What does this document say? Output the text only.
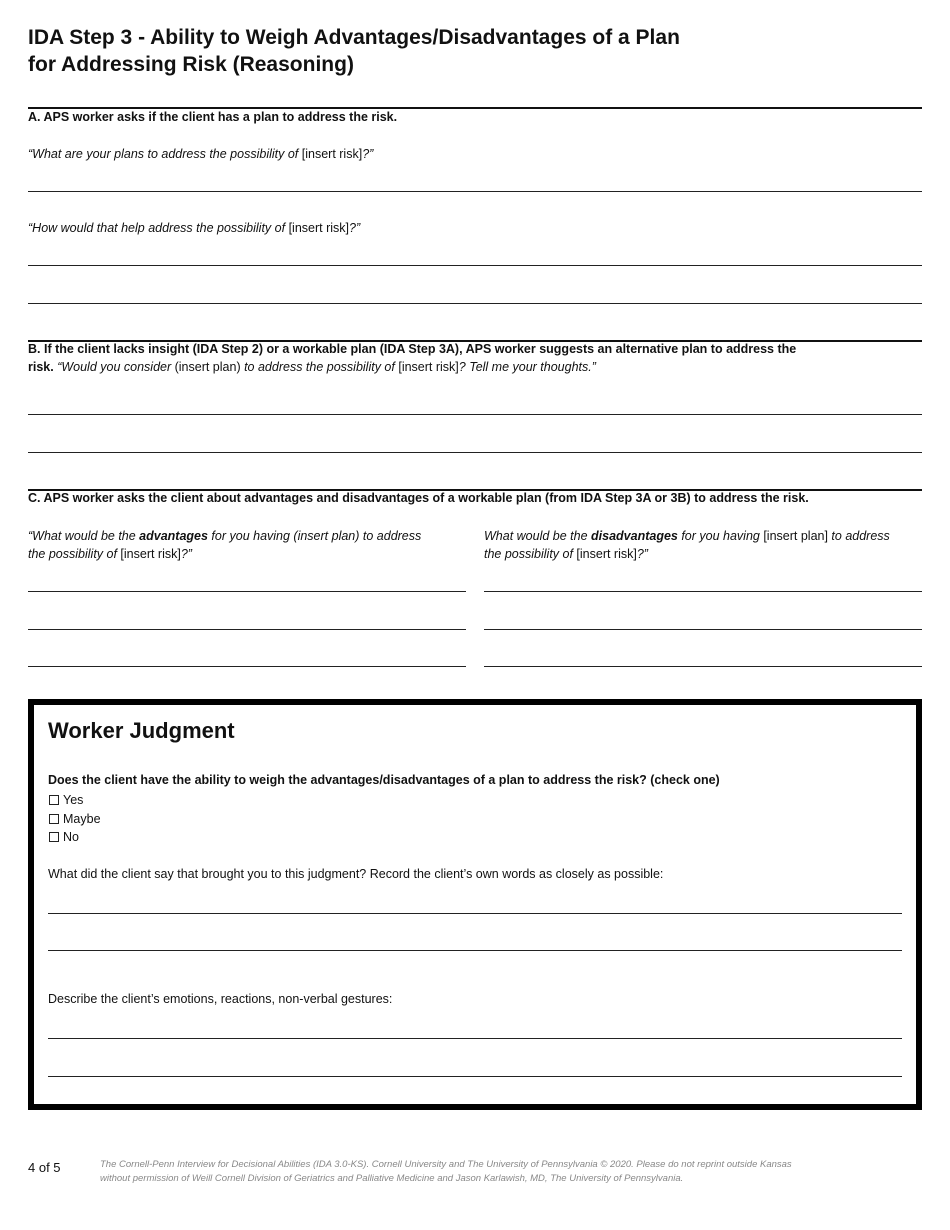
IDA Step 3 - Ability to Weigh Advantages/Disadvantages of a Plan
for Addressing Risk (Reasoning)
A. APS worker asks if the client has a plan to address the risk.
“What are your plans to address the possibility of [insert risk]?”
“How would that help address the possibility of [insert risk]?”
B. If the client lacks insight (IDA Step 2) or a workable plan (IDA Step 3A), APS worker suggests an alternative plan to address the
risk. “Would you consider (insert plan) to address the possibility of [insert risk]? Tell me your thoughts.”
C. APS worker asks the client about advantages and disadvantages of a workable plan (from IDA Step 3A or 3B) to address the risk.
“What would be the advantages for you having (insert plan) to address
the possibility of [insert risk]?”
What would be the disadvantages for you having [insert plan] to address
the possibility of [insert risk]?”
Worker Judgment
Does the client have the ability to weigh the advantages/disadvantages of a plan to address the risk? (check one)
Yes
Maybe
No
What did the client say that brought you to this judgment? Record the client’s own words as closely as possible:
Describe the client’s emotions, reactions, non-verbal gestures:
4 of 5	The Cornell-Penn Interview for Decisional Abilities (IDA 3.0-KS). Cornell University and The University of Pennsylvania © 2020. Please do not reprint outside Kansas
without permission of Weill Cornell Division of Geriatrics and Palliative Medicine and Jason Karlawish, MD, The University of Pennsylvania.
